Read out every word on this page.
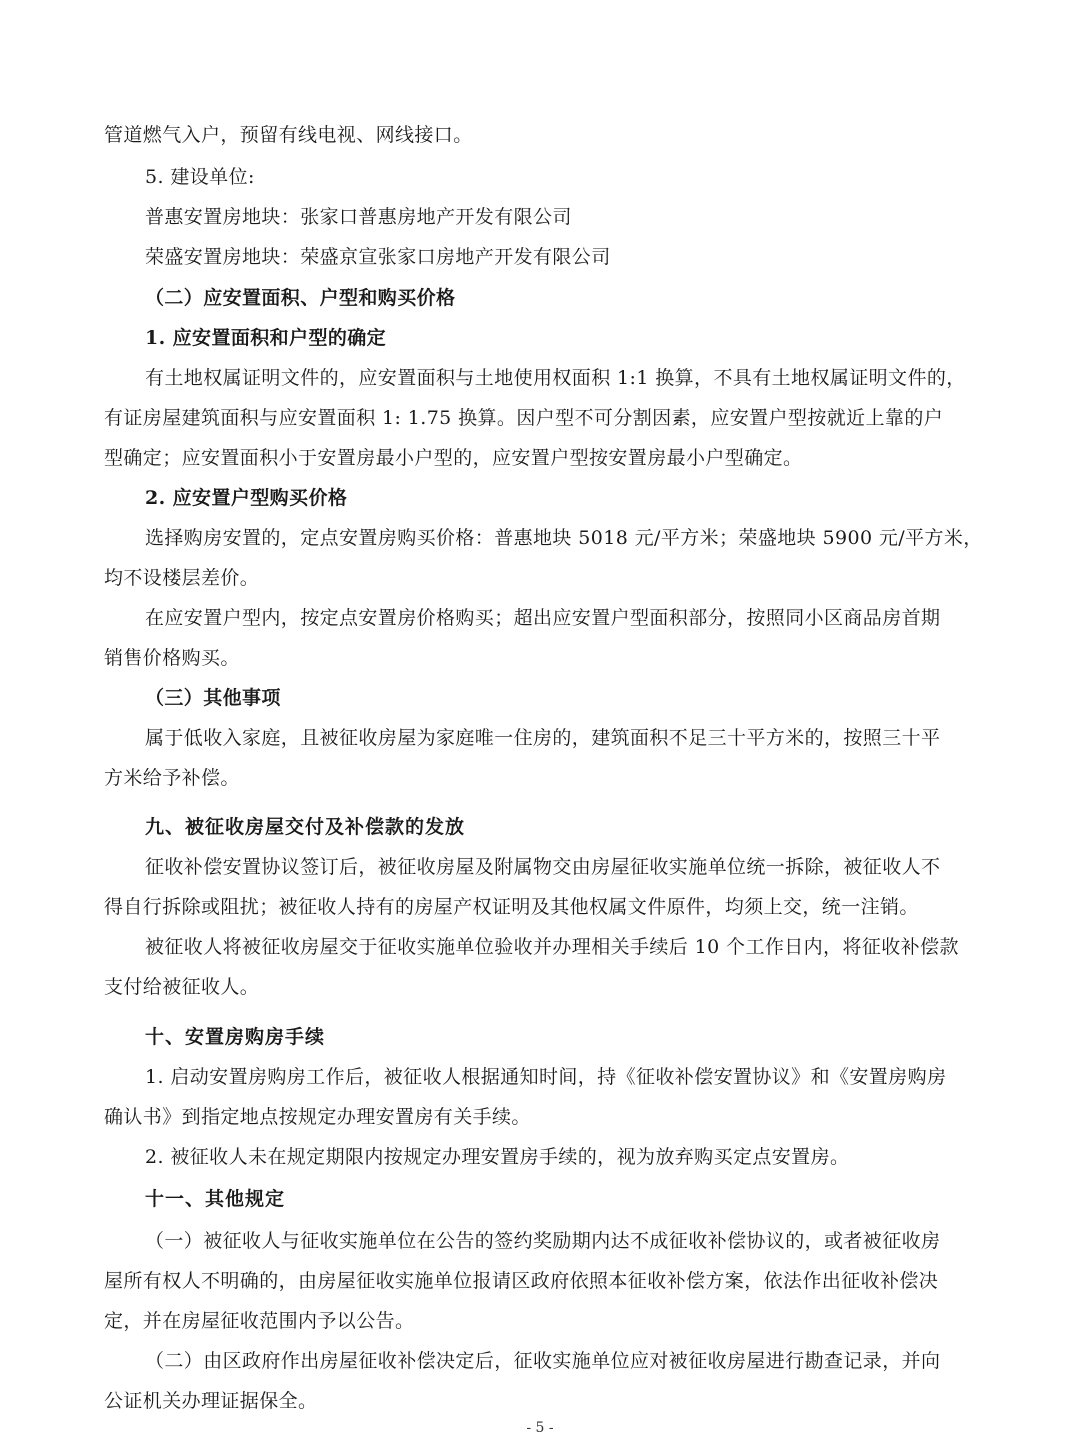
管道燃气入户，预留有线电视、网线接口。
5. 建设单位:
普惠安置房地块：张家口普惠房地产开发有限公司
荣盛安置房地块：荣盛京宣张家口房地产开发有限公司
（二）应安置面积、户型和购买价格
1. 应安置面积和户型的确定
有土地权属证明文件的，应安置面积与土地使用权面积 1:1 换算，不具有土地权属证明文件的，
有证房屋建筑面积与应安置面积 1: 1.75 换算。因户型不可分割因素，应安置户型按就近上靠的户
型确定；应安置面积小于安置房最小户型的，应安置户型按安置房最小户型确定。
2. 应安置户型购买价格
选择购房安置的，定点安置房购买价格：普惠地块 5018 元/平方米；荣盛地块 5900 元/平方米，
均不设楼层差价。
在应安置户型内，按定点安置房价格购买；超出应安置户型面积部分，按照同小区商品房首期
销售价格购买。
（三）其他事项
属于低收入家庭，且被征收房屋为家庭唯一住房的，建筑面积不足三十平方米的，按照三十平
方米给予补偿。
九、被征收房屋交付及补偿款的发放
征收补偿安置协议签订后，被征收房屋及附属物交由房屋征收实施单位统一拆除，被征收人不
得自行拆除或阻扰；被征收人持有的房屋产权证明及其他权属文件原件，均须上交，统一注销。
被征收人将被征收房屋交于征收实施单位验收并办理相关手续后 10 个工作日内，将征收补偿款
支付给被征收人。
十、安置房购房手续
1. 启动安置房购房工作后，被征收人根据通知时间，持《征收补偿安置协议》和《安置房购房
确认书》到指定地点按规定办理安置房有关手续。
2. 被征收人未在规定期限内按规定办理安置房手续的，视为放弃购买定点安置房。
十一、其他规定
（一）被征收人与征收实施单位在公告的签约奖励期内达不成征收补偿协议的，或者被征收房
屋所有权人不明确的，由房屋征收实施单位报请区政府依照本征收补偿方案，依法作出征收补偿决
定，并在房屋征收范围内予以公告。
（二）由区政府作出房屋征收补偿决定后，征收实施单位应对被征收房屋进行勘查记录，并向
公证机关办理证据保全。
- 5 -
